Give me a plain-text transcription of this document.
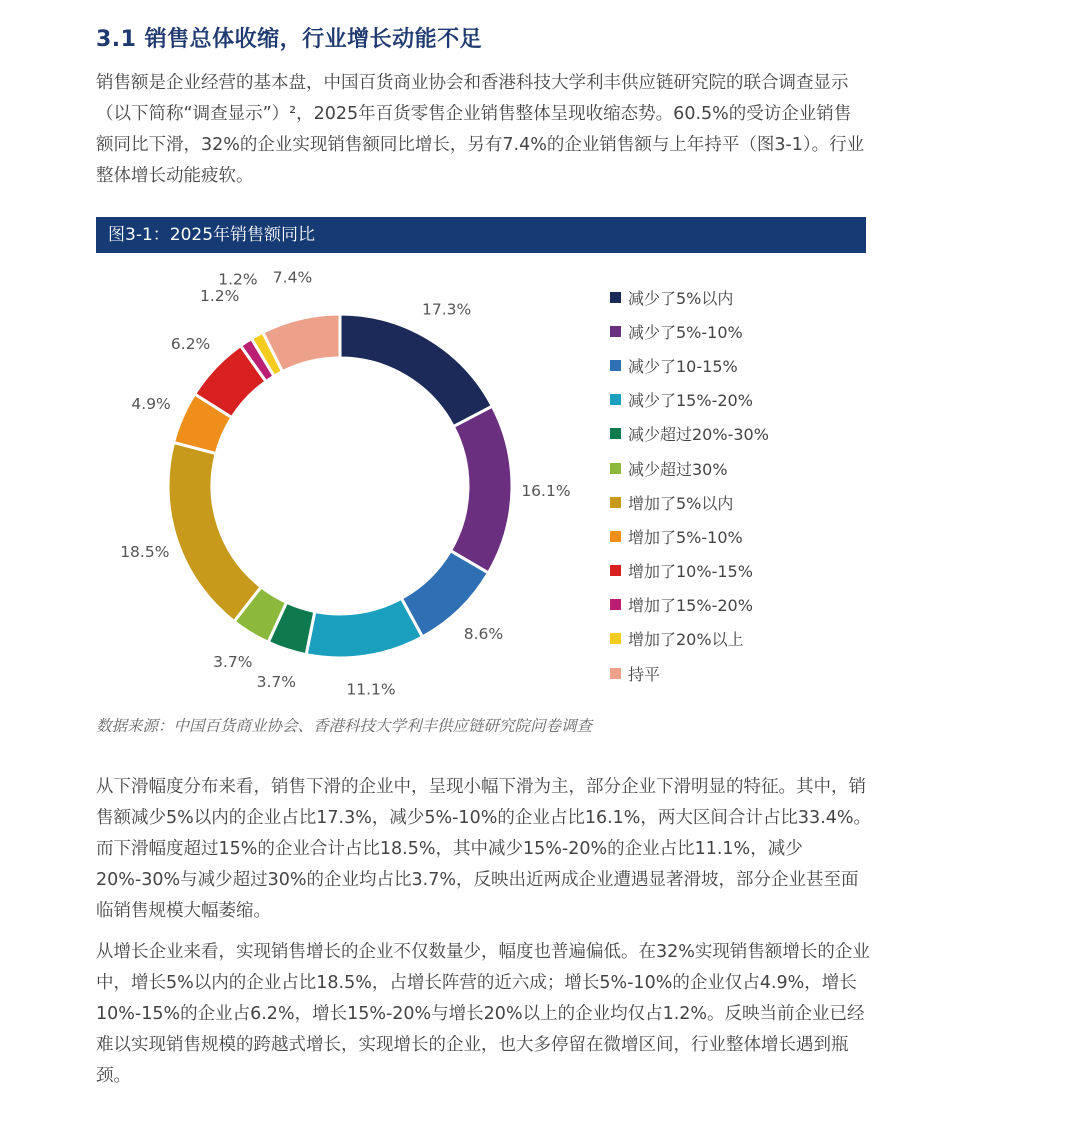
3.1 销售总体收缩，行业增长动能不足

销售额是企业经营的基本盘，中国百货商业协会和香港科技大学利丰供应链研究院的联合调查显示（以下简称“调查显示”）²，2025年百货零售企业销售整体呈现收缩态势。60.5%的受访企业销售额同比下滑，32%的企业实现销售额同比增长，另有7.4%的企业销售额与上年持平（图3-1）。行业整体增长动能疲软。

图3-1：2025年销售额同比
17.3%
16.1%
8.6%
11.1%
3.7%
3.7%
18.5%
4.9%
6.2%
1.2%
1.2% 7.4%
减少了5%以内
减少了5%-10%
减少了10-15%
减少了15%-20%
减少超过20%-30%
减少超过30%
增加了5%以内
增加了5%-10%
增加了10%-15%
增加了15%-20%
增加了20%以上
持平
数据来源：中国百货商业协会、香港科技大学利丰供应链研究院问卷调查

从下滑幅度分布来看，销售下滑的企业中，呈现小幅下滑为主，部分企业下滑明显的特征。其中，销售额减少5%以内的企业占比17.3%，减少5%-10%的企业占比16.1%，两大区间合计占比33.4%。而下滑幅度超过15%的企业合计占比18.5%，其中减少15%-20%的企业占比11.1%，减少20%-30%与减少超过30%的企业均占比3.7%，反映出近两成企业遭遇显著滑坡，部分企业甚至面临销售规模大幅萎缩。

从增长企业来看，实现销售增长的企业不仅数量少，幅度也普遍偏低。在32%实现销售额增长的企业中，增长5%以内的企业占比18.5%，占增长阵营的近六成；增长5%-10%的企业仅占4.9%，增长10%-15%的企业占6.2%，增长15%-20%与增长20%以上的企业均仅占1.2%。反映当前企业已经难以实现销售规模的跨越式增长，实现增长的企业，也大多停留在微增区间，行业整体增长遇到瓶颈。
